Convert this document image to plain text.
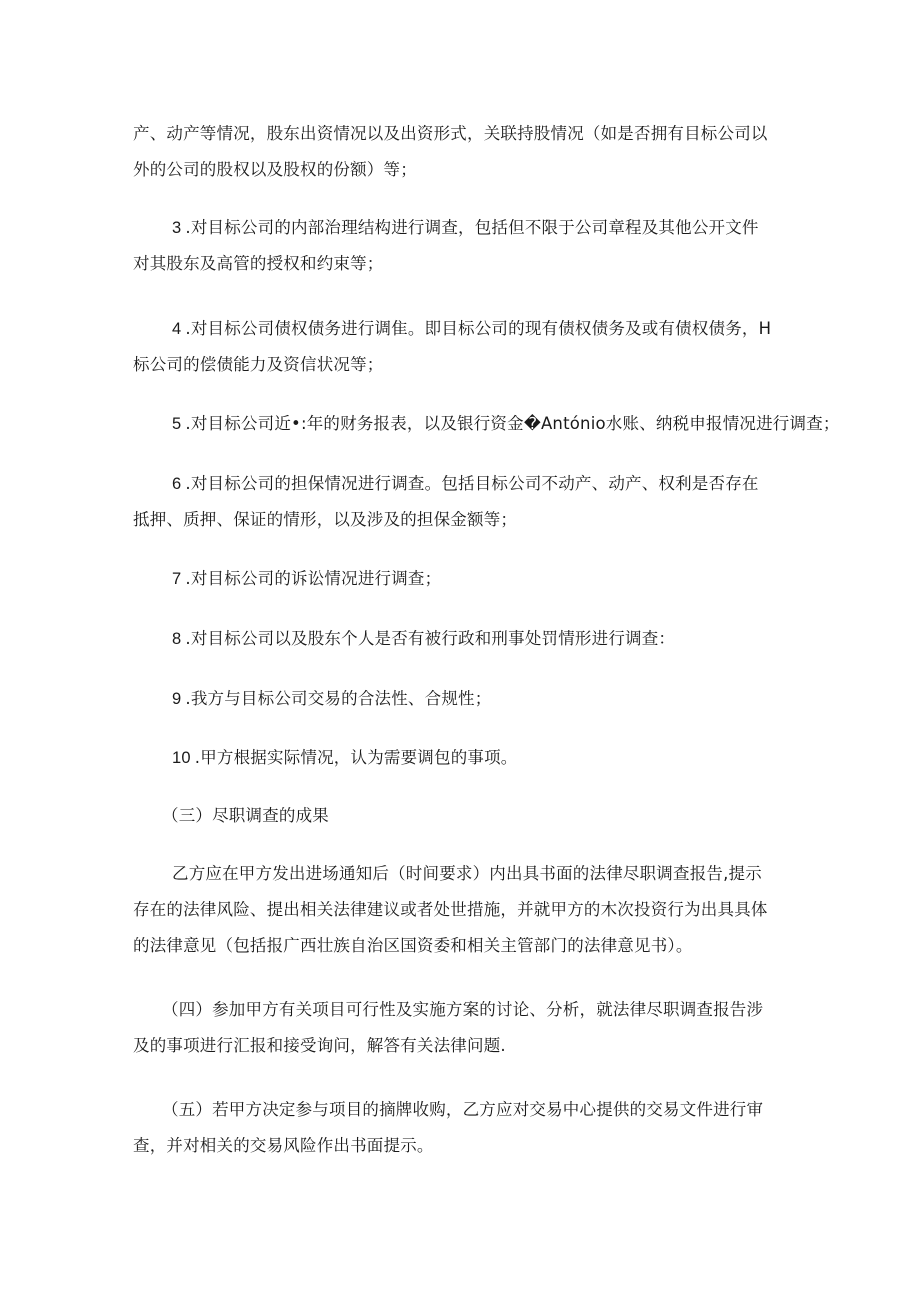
产、动产等情况，股东出资情况以及出资形式，关联持股情况（如是否拥有目标公司以
外的公司的股权以及股权的份额）等；
3 .对目标公司的内部治理结构进行调查，包括但不限于公司章程及其他公开文件
对其股东及高管的授权和约束等；
4 .对目标公司债权债务进行调隹。即目标公司的现有债权债务及或有债权债务，H
标公司的偿债能力及资信状况等；
5 .对目标公司近•:年的财务报表，以及银行资金�António水账、纳税申报情况进行调查；
6 .对目标公司的担保情况进行调查。包括目标公司不动产、动产、权利是否存在
抵押、质押、保证的情形，以及涉及的担保金额等；
7 .对目标公司的诉讼情况进行调查；
8 .对目标公司以及股东个人是否有被行政和刑事处罚情形进行调查：
9 .我方与目标公司交易的合法性、合规性；
10 .甲方根据实际情况，认为需要调包的事项。
（三）尽职调查的成果
乙方应在甲方发出进场通知后（时间要求）内出具书面的法律尽职调查报告,提示
存在的法律风险、提出相关法律建议或者处世措施，并就甲方的木次投资行为出具具体
的法律意见（包括报广西壮族自治区国资委和相关主管部门的法律意见书）。
（四）参加甲方有关项目可行性及实施方案的讨论、分析，就法律尽职调查报告涉
及的事项进行汇报和接受询问，解答有关法律问题.
（五）若甲方决定参与项目的摘牌收购，乙方应对交易中心提供的交易文件进行审
查，并对相关的交易风险作出书面提示。
